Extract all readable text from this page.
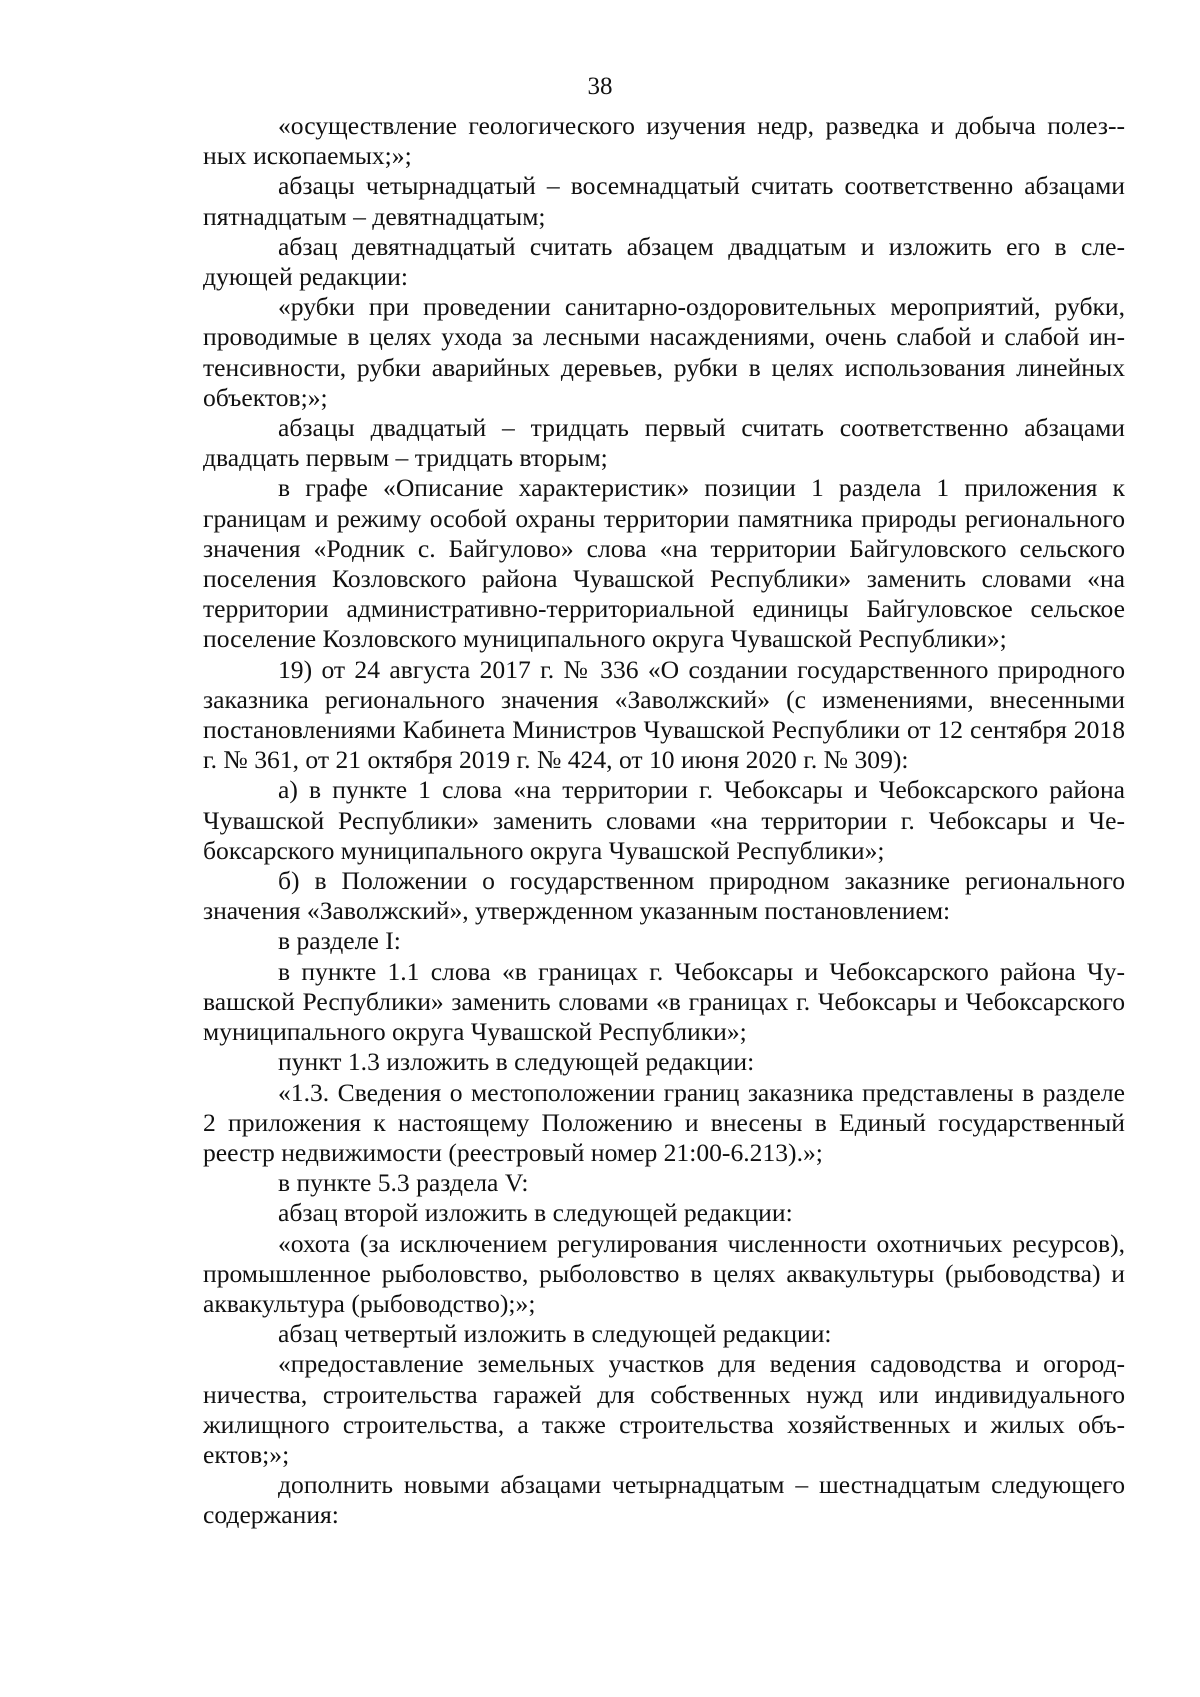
38

«осуществление геологического изучения недр, разведка и добыча полез-ных ископаемых;»;

абзацы четырнадцатый – восемнадцатый считать соответственно абзацами пятнадцатым – девятнадцатым;

абзац девятнадцатый считать абзацем двадцатым и изложить его в следующей редакции:

«рубки при проведении санитарно-оздоровительных мероприятий, рубки, проводимые в целях ухода за лесными насаждениями, очень слабой и слабой интенсивности, рубки аварийных деревьев, рубки в целях использования линейных объектов;»;

абзацы двадцатый – тридцать первый считать соответственно абзацами двадцать первым – тридцать вторым;

в графе «Описание характеристик» позиции 1 раздела 1 приложения к границам и режиму особой охраны территории памятника природы регионального значения «Родник с. Байгулово» слова «на территории Байгуловского сельского поселения Козловского района Чувашской Республики» заменить словами «на территории административно-территориальной единицы Байгуловское сельское поселение Козловского муниципального округа Чувашской Республики»;

19) от 24 августа 2017 г. № 336 «О создании государственного природного заказника регионального значения «Заволжский» (с изменениями, внесенными постановлениями Кабинета Министров Чувашской Республики от 12 сентября 2018 г. № 361, от 21 октября 2019 г. № 424, от 10 июня 2020 г. № 309):

а) в пункте 1 слова «на территории г. Чебоксары и Чебоксарского района Чувашской Республики» заменить словами «на территории г. Чебоксары и Чебоксарского муниципального округа Чувашской Республики»;

б) в Положении о государственном природном заказнике регионального значения «Заволжский», утвержденном указанным постановлением:

в разделе I:

в пункте 1.1 слова «в границах г. Чебоксары и Чебоксарского района Чувашской Республики» заменить словами «в границах г. Чебоксары и Чебоксарского муниципального округа Чувашской Республики»;

пункт 1.3 изложить в следующей редакции:

«1.3. Сведения о местоположении границ заказника представлены в разделе 2 приложения к настоящему Положению и внесены в Единый государственный реестр недвижимости (реестровый номер 21:00-6.213).»;

в пункте 5.3 раздела V:

абзац второй изложить в следующей редакции:

«охота (за исключением регулирования численности охотничьих ресурсов), промышленное рыболовство, рыболовство в целях аквакультуры (рыбоводства) и аквакультура (рыбоводство);»;

абзац четвертый изложить в следующей редакции:

«предоставление земельных участков для ведения садоводства и огородничества, строительства гаражей для собственных нужд или индивидуального жилищного строительства, а также строительства хозяйственных и жилых объектов;»;

дополнить новыми абзацами четырнадцатым – шестнадцатым следующего содержания:
